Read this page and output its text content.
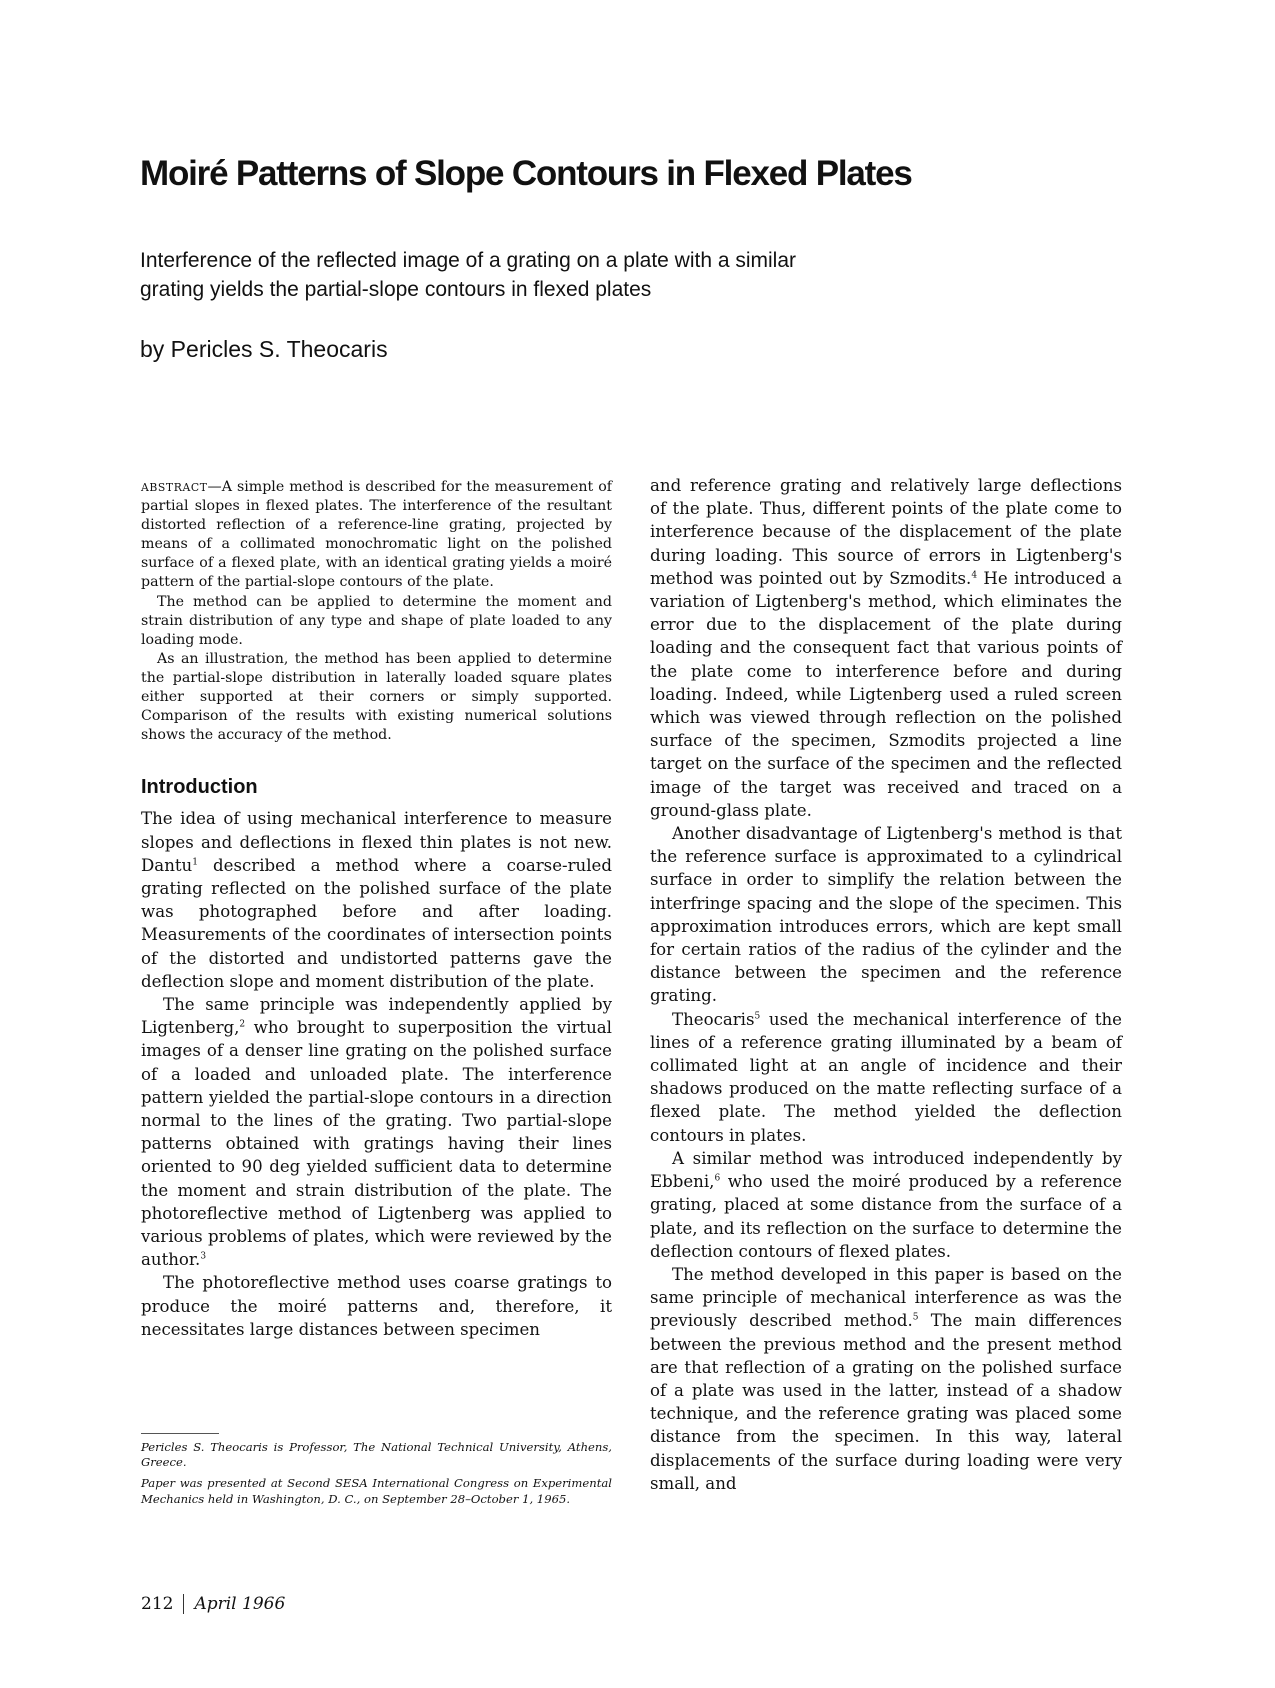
Moiré Patterns of Slope Contours in Flexed Plates
Interference of the reflected image of a grating on a plate with a similar
grating yields the partial-slope contours in flexed plates
by Pericles S. Theocaris

ABSTRACT—A simple method is described for the measurement of partial slopes in flexed plates. The interference of the resultant distorted reflection of a reference-line grating, projected by means of a collimated monochromatic light on the polished surface of a flexed plate, with an identical grating yields a moiré pattern of the partial-slope contours of the plate.

The method can be applied to determine the moment and strain distribution of any type and shape of plate loaded to any loading mode.

As an illustration, the method has been applied to determine the partial-slope distribution in laterally loaded square plates either supported at their corners or simply supported. Comparison of the results with existing numerical solutions shows the accuracy of the method.

Introduction

The idea of using mechanical interference to measure slopes and deflections in flexed thin plates is not new. Dantu$^1$ described a method where a coarse-ruled grating reflected on the polished surface of the plate was photographed before and after loading. Measurements of the coordinates of intersection points of the distorted and undistorted patterns gave the deflection slope and moment distribution of the plate.

The same principle was independently applied by Ligtenberg,$^2$ who brought to superposition the virtual images of a denser line grating on the polished surface of a loaded and unloaded plate. The interference pattern yielded the partial-slope contours in a direction normal to the lines of the grating. Two partial-slope patterns obtained with gratings having their lines oriented to 90 deg yielded sufficient data to determine the moment and strain distribution of the plate. The photoreflective method of Ligtenberg was applied to various problems of plates, which were reviewed by the author.$^3$

The photoreflective method uses coarse gratings to produce the moiré patterns and, therefore, it necessitates large distances between specimen

and reference grating and relatively large deflections of the plate. Thus, different points of the plate come to interference because of the displacement of the plate during loading. This source of errors in Ligtenberg's method was pointed out by Szmodits.$^4$ He introduced a variation of Ligtenberg's method, which eliminates the error due to the displacement of the plate during loading and the consequent fact that various points of the plate come to interference before and during loading. Indeed, while Ligtenberg used a ruled screen which was viewed through reflection on the polished surface of the specimen, Szmodits projected a line target on the surface of the specimen and the reflected image of the target was received and traced on a ground-glass plate.

Another disadvantage of Ligtenberg's method is that the reference surface is approximated to a cylindrical surface in order to simplify the relation between the interfringe spacing and the slope of the specimen. This approximation introduces errors, which are kept small for certain ratios of the radius of the cylinder and the distance between the specimen and the reference grating.

Theocaris$^5$ used the mechanical interference of the lines of a reference grating illuminated by a beam of collimated light at an angle of incidence and their shadows produced on the matte reflecting surface of a flexed plate. The method yielded the deflection contours in plates.

A similar method was introduced independently by Ebbeni,$^6$ who used the moiré produced by a reference grating, placed at some distance from the surface of a plate, and its reflection on the surface to determine the deflection contours of flexed plates.

The method developed in this paper is based on the same principle of mechanical interference as was the previously described method.$^5$ The main differences between the previous method and the present method are that reflection of a grating on the polished surface of a plate was used in the latter, instead of a shadow technique, and the reference grating was placed some distance from the specimen. In this way, lateral displacements of the surface during loading were very small, and

Pericles S. Theocaris is Professor, The National Technical University, Athens, Greece.

Paper was presented at Second SESA International Congress on Experimental Mechanics held in Washington, D. C., on September 28–October 1, 1965.

212 April 1966
